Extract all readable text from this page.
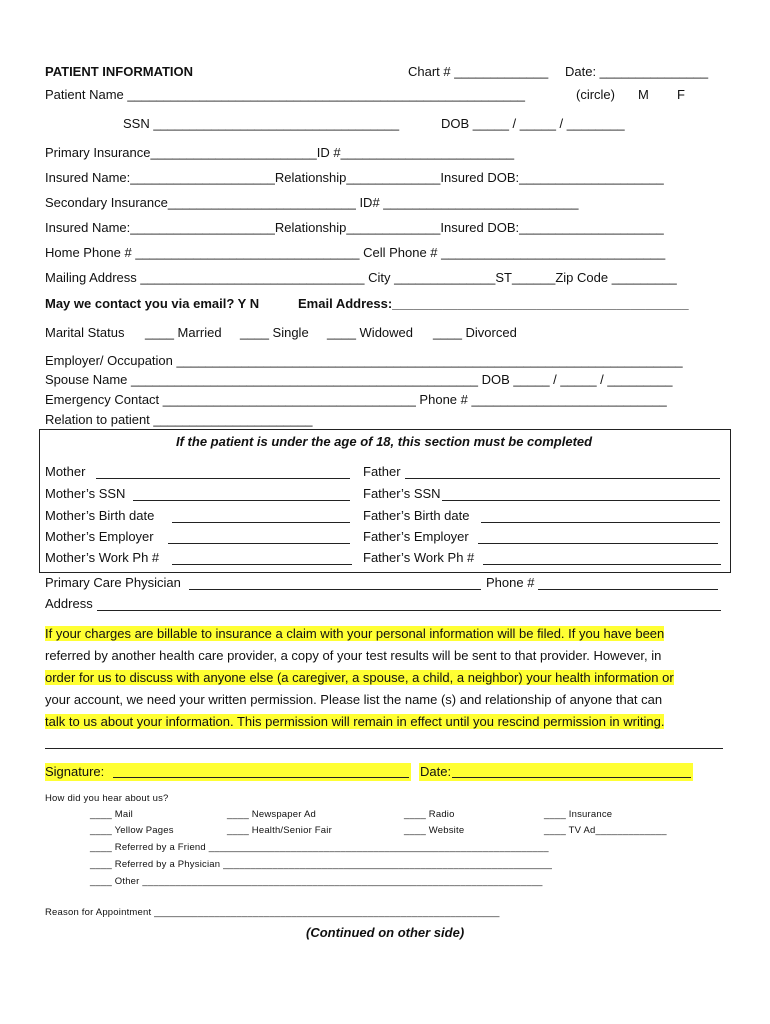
PATIENT INFORMATION	Chart # _____________ Date: _______________
Patient Name _______________________________________________________	(circle) M F
SSN __________________________________	DOB _____ / _____ / ________
Primary Insurance_______________________ID #________________________
Insured Name:____________________Relationship_____________Insured DOB:____________________
Secondary Insurance__________________________ ID# ___________________________
Insured Name:____________________Relationship_____________Insured DOB:____________________
Home Phone # _______________________________ Cell Phone # _______________________________
Mailing Address _______________________________ City ______________ST______Zip Code _________
May we contact you via email? Y N	Email Address:_________________________________________
Marital Status ____ Married ____ Single ____ Widowed ____ Divorced
Employer/ Occupation ______________________________________________________________________
Spouse Name ________________________________________________ DOB _____ / _____ / _________
Emergency Contact ___________________________________ Phone # ___________________________
Relation to patient ______________________
If the patient is under the age of 18, this section must be completed
Mother	Father
Mother’s SSN	Father’s SSN
Mother’s Birth date	Father’s Birth date
Mother’s Employer	Father’s Employer
Mother’s Work Ph #	Father’s Work Ph #
Primary Care Physician	Phone #
Address
If your charges are billable to insurance a claim with your personal information will be filed. If you have been
referred by another health care provider, a copy of your test results will be sent to that provider. However, in
order for us to discuss with anyone else (a caregiver, a spouse, a child, a neighbor) your health information or
your account, we need your written permission. Please list the name (s) and relationship of anyone that can
talk to us about your information. This permission will remain in effect until you rescind permission in writing.
Signature:	Date:
How did you hear about us?
____ Mail	____ Newspaper Ad	____ Radio	____ Insurance
____ Yellow Pages	____ Health/Senior Fair	____ Website	____ TV Ad_____________
____ Referred by a Friend ______________________________________________________________
____ Referred by a Physician ____________________________________________________________
____ Other _________________________________________________________________________
Reason for Appointment _______________________________________________________________
(Continued on other side)
